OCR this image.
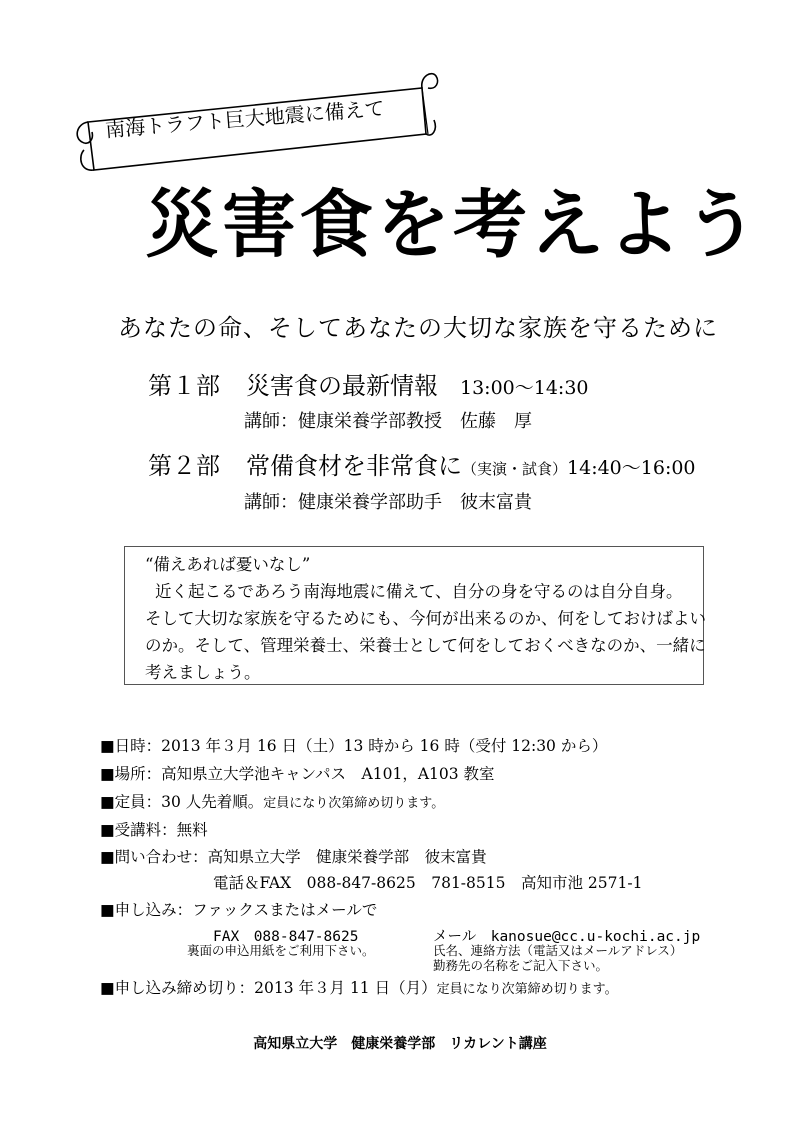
南海トラフト巨大地震に備えて
災害食を考えよう
あなたの命、そしてあなたの大切な家族を守るために
第１部 災害食の最新情報 13:00～14:30
講師：健康栄養学部教授　佐藤　厚
第２部 常備食材を非常食に（実演・試食）14:40～16:00
講師：健康栄養学部助手　彼末富貴
“備えあれば憂いなし”
近く起こるであろう南海地震に備えて、自分の身を守るのは自分自身。
そして大切な家族を守るためにも、今何が出来るのか、何をしておけばよい
のか。そして、管理栄養士、栄養士として何をしておくべきなのか、一緒に
考えましょう。
■日時：2013 年３月 16 日（土）13 時から 16 時（受付 12:30 から）
■場所：高知県立大学池キャンパス　A101，A103 教室
■定員：30 人先着順。定員になり次第締め切ります。
■受講料：無料
■問い合わせ：高知県立大学　健康栄養学部　彼末富貴
電話＆FAX　088-847-8625　781-8515　高知市池 2571-1
■申し込み：ファックスまたはメールで
FAX　088-847-8625
裏面の申込用紙をご利用下さい。
メール　kanosue@cc.u-kochi.ac.jp
氏名、連絡方法（電話又はメールアドレス）
勤務先の名称をご記入下さい。
■申し込み締め切り：2013 年３月 11 日（月）定員になり次第締め切ります。
高知県立大学　健康栄養学部　リカレント講座
